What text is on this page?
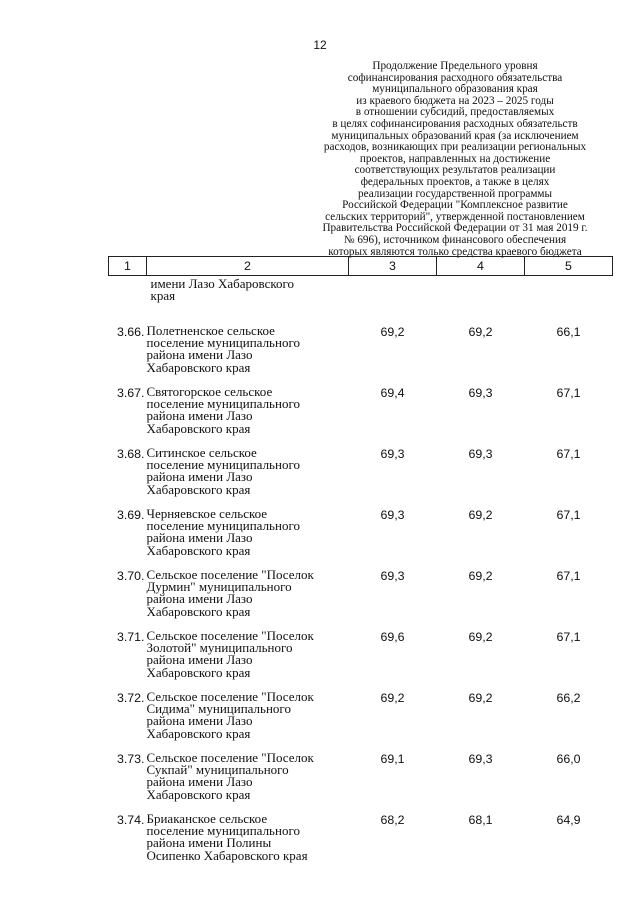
12
Продолжение Предельного уровня
софинансирования расходного обязательства
муниципального образования края
из краевого бюджета на 2023 – 2025 годы
в отношении субсидий, предоставляемых
в целях софинансирования расходных обязательств
муниципальных образований края (за исключением
расходов, возникающих при реализации региональных
проектов, направленных на достижение
соответствующих результатов реализации
федеральных проектов, а также в целях
реализации государственной программы
Российской Федерации "Комплексное развитие
сельских территорий", утвержденной постановлением
Правительства Российской Федерации от 31 мая 2019 г.
№ 696), источником финансового обеспечения
которых являются только средства краевого бюджета
1	2	3	4	5

	имени Лазо Хабаровского
края			

3.66.	Полетненское сельское
поселение муниципального
района имени Лазо
Хабаровского края	69,2	69,2	66,1
3.67.	Святогорское сельское
поселение муниципального
района имени Лазо
Хабаровского края	69,4	69,3	67,1
3.68.	Ситинское сельское
поселение муниципального
района имени Лазо
Хабаровского края	69,3	69,3	67,1
3.69.	Черняевское сельское
поселение муниципального
района имени Лазо
Хабаровского края	69,3	69,2	67,1
3.70.	Сельское поселение "Поселок
Дурмин" муниципального
района имени Лазо
Хабаровского края	69,3	69,2	67,1
3.71.	Сельское поселение "Поселок
Золотой" муниципального
района имени Лазо
Хабаровского края	69,6	69,2	67,1
3.72.	Сельское поселение "Поселок
Сидима" муниципального
района имени Лазо
Хабаровского края	69,2	69,2	66,2
3.73.	Сельское поселение "Поселок
Сукпай" муниципального
района имени Лазо
Хабаровского края	69,1	69,3	66,0
3.74.	Бриаканское сельское
поселение муниципального
района имени Полины
Осипенко Хабаровского края	68,2	68,1	64,9
